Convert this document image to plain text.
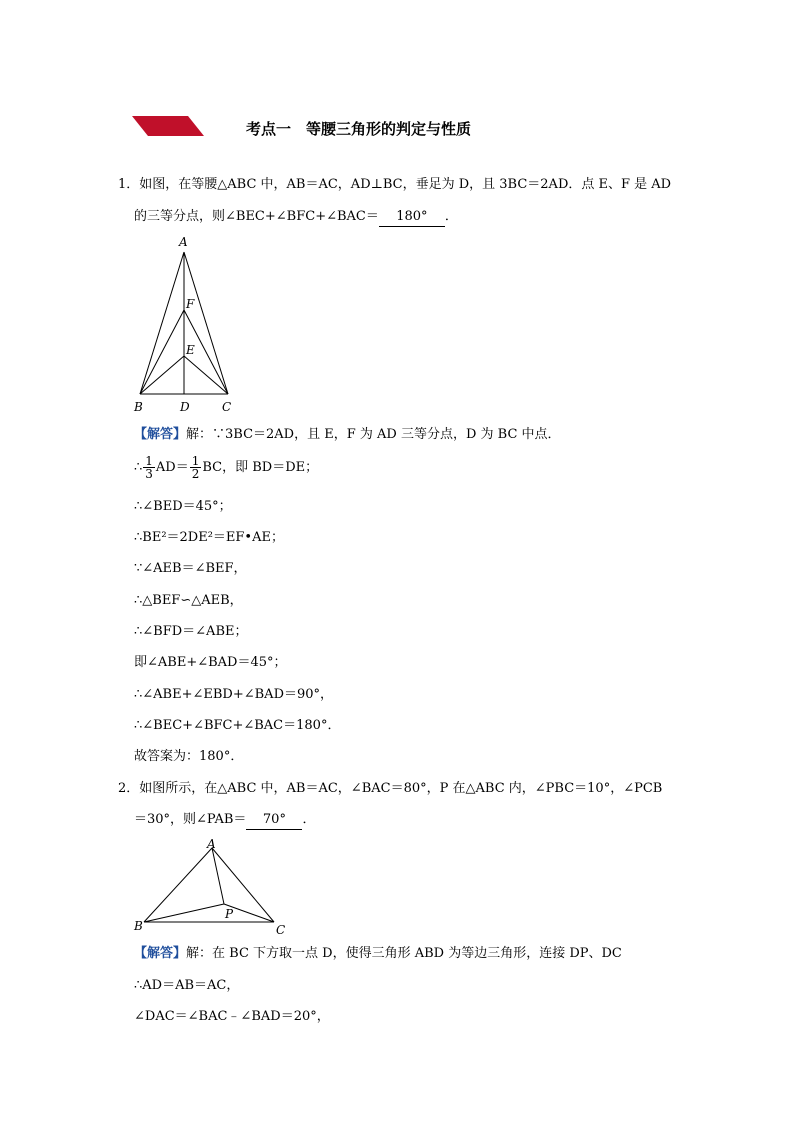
考点一　等腰三角形的判定与性质
1．如图，在等腰△ABC 中，AB＝AC，AD⊥BC，垂足为 D，且 3BC＝2AD．点 E、F 是 AD
的三等分点，则∠BEC+∠BFC+∠BAC＝ 180° ．
A
F
E
B	D	C
【解答】解：∵3BC＝2AD，且 E，F 为 AD 三等分点，D 为 BC 中点．
∴ $\frac{1}{3} AD= \frac{1}{2}$ BC，即 BD＝DE；
∴∠BED＝45°；
∴BE²＝2DE²＝EF•AE；
∵∠AEB＝∠BEF，
∴△BEF∽△AEB，
∴∠BFD＝∠ABE；
即∠ABE+∠BAD＝45°；
∴∠ABE+∠EBD+∠BAD＝90°，
∴∠BEC+∠BFC+∠BAC＝180°．
故答案为：180°．
2．如图所示，在△ABC 中，AB＝AC，∠BAC＝80°，P 在△ABC 内，∠PBC＝10°，∠PCB
＝30°，则∠PAB＝ 70° ．
A
B	C
P
【解答】解：在 BC 下方取一点 D，使得三角形 ABD 为等边三角形，连接 DP、DC
∴AD＝AB＝AC，
∠DAC＝∠BAC﹣∠BAD＝20°，
